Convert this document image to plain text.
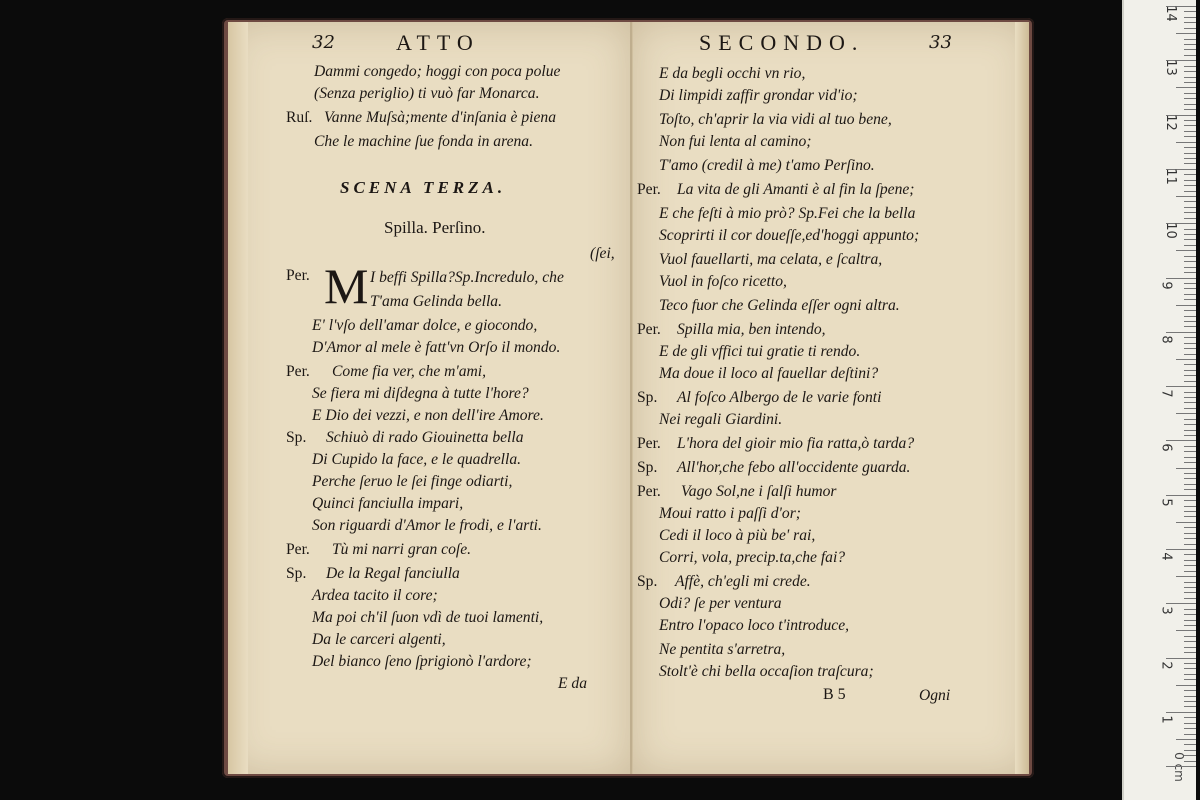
32	ATTO
Dammi congedo; hoggi con poca polue
(Senza periglio) ti vuò far Monarca.
Ruſ. Vanne Muſsà;mente d'inſania è piena
Che le machine ſue fonda in arena.
SCENA TERZA.
Spilla. Perſino.
(ſei,
Per. M I beffi Spilla?Sp.Incredulo, che
T'ama Gelinda bella.
E' l'vſo dell'amar dolce, e giocondo,
D'Amor al mele è fatt'vn Orſo il mondo.
Per. Come fia ver, che m'ami,
Se fiera mi diſdegna à tutte l'hore?
E Dio dei vezzi, e non dell'ire Amore.
Sp. Schiuò di rado Giouinetta bella
Di Cupido la face, e le quadrella.
Perche ſeruo le ſei finge odiarti,
Quinci fanciulla impari,
Son riguardi d'Amor le frodi, e l'arti.
Per. Tù mi narri gran coſe.
Sp. De la Regal fanciulla
Ardea tacito il core;
Ma poi ch'il ſuon vdì de tuoi lamenti,
Da le carceri algenti,
Del bianco ſeno ſprigionò l'ardore;
E da
SECONDO.	33
E da begli occhi vn rio,
Di limpidi zaffir grondar vid'io;
Toſto, ch'aprir la via vidi al tuo bene,
Non fui lenta al camino;
T'amo (credil à me) t'amo Perſino.
Per. La vita de gli Amanti è al fin la ſpene;
E che feſti à mio prò? Sp.Fei che la bella
Scoprirti il cor doueſſe,ed'hoggi appunto;
Vuol fauellarti, ma celata, e ſcaltra,
Vuol in foſco ricetto,
Teco fuor che Gelinda eſſer ogni altra.
Per. Spilla mia, ben intendo,
E de gli vffici tui gratie ti rendo.
Ma doue il loco al fauellar deſtini?
Sp. Al foſco Albergo de le varie fonti
Nei regali Giardini.
Per. L'hora del gioir mio fia ratta,ò tarda?
Sp. All'hor,che febo all'occidente guarda.
Per. Vago Sol,ne i ſalſi humor
Moui ratto i paſſi d'or;
Cedi il loco à più be' rai,
Corri, vola, precip.ta,che fai?
Sp. Affè, ch'egli mi crede.
Odi? ſe per ventura
Entro l'opaco loco t'introduce,
Ne pentita s'arretra,
Stolt'è chi bella occaſion traſcura;
B 5	Ogni
14
13
12
11
10
9
8
7
6
5
4
3
2
1
